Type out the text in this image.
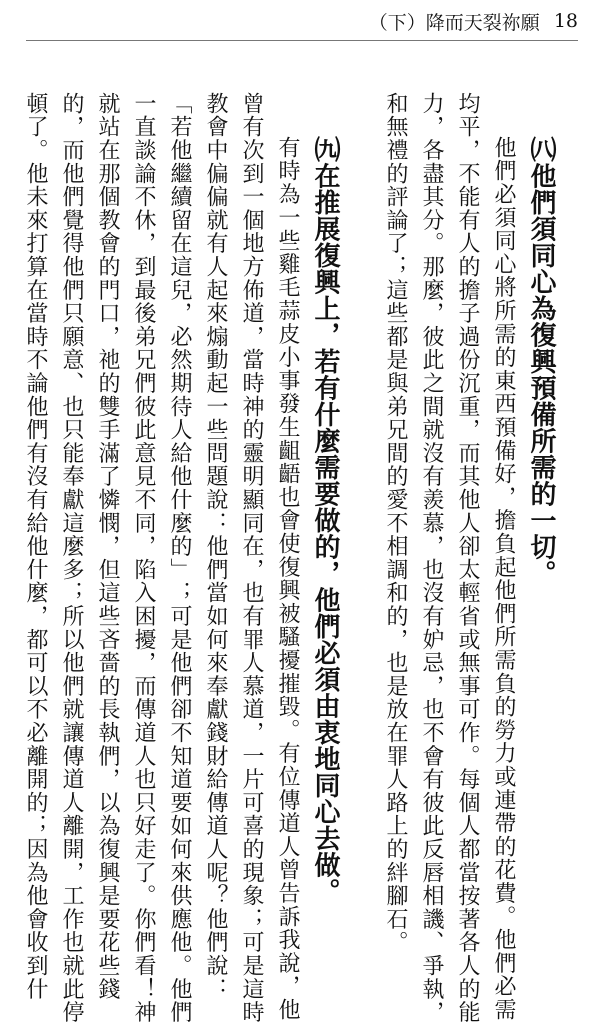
（下）降而天裂祢願 18
㈧他們須同心為復興預備所需的一切。
他們必須同心將所需的東西預備好，擔負起他們所需負的勞力或連帶的花費。他們必需
均平，不能有人的擔子過份沉重，而其他人卻太輕省或無事可作。每個人都當按著各人的能
力，各盡其分。那麼，彼此之間就沒有羨慕，也沒有妒忌，也不會有彼此反唇相譏、爭執，
和無禮的評論了；這些都是與弟兄間的愛不相調和的，也是放在罪人路上的絆腳石。
㈨在推展復興上，若有什麼需要做的，他們必須由衷地同心去做。
有時為一些雞毛蒜皮小事發生齟齬也會使復興被騷擾摧毀。有位傳道人曾告訴我說，他
曾有次到一個地方佈道，當時神的靈明顯同在，也有罪人慕道，一片可喜的現象；可是這時
教會中偏偏就有人起來煽動起一些問題說：他們當如何來奉獻錢財給傳道人呢？他們說：
「若他繼續留在這兒，必然期待人給他什麼的」；可是他們卻不知道要如何來供應他。他們
一直談論不休，到最後弟兄們彼此意見不同，陷入困擾，而傳道人也只好走了。你們看！神
就站在那個教會的門口，祂的雙手滿了憐憫，但這些吝嗇的長執們，以為復興是要花些錢
的，而他們覺得他們只願意、也只能奉獻這麼多；所以他們就讓傳道人離開，工作也就此停
頓了。他未來打算在當時不論他們有沒有給他什麼，都可以不必離開的；因為他會收到什
